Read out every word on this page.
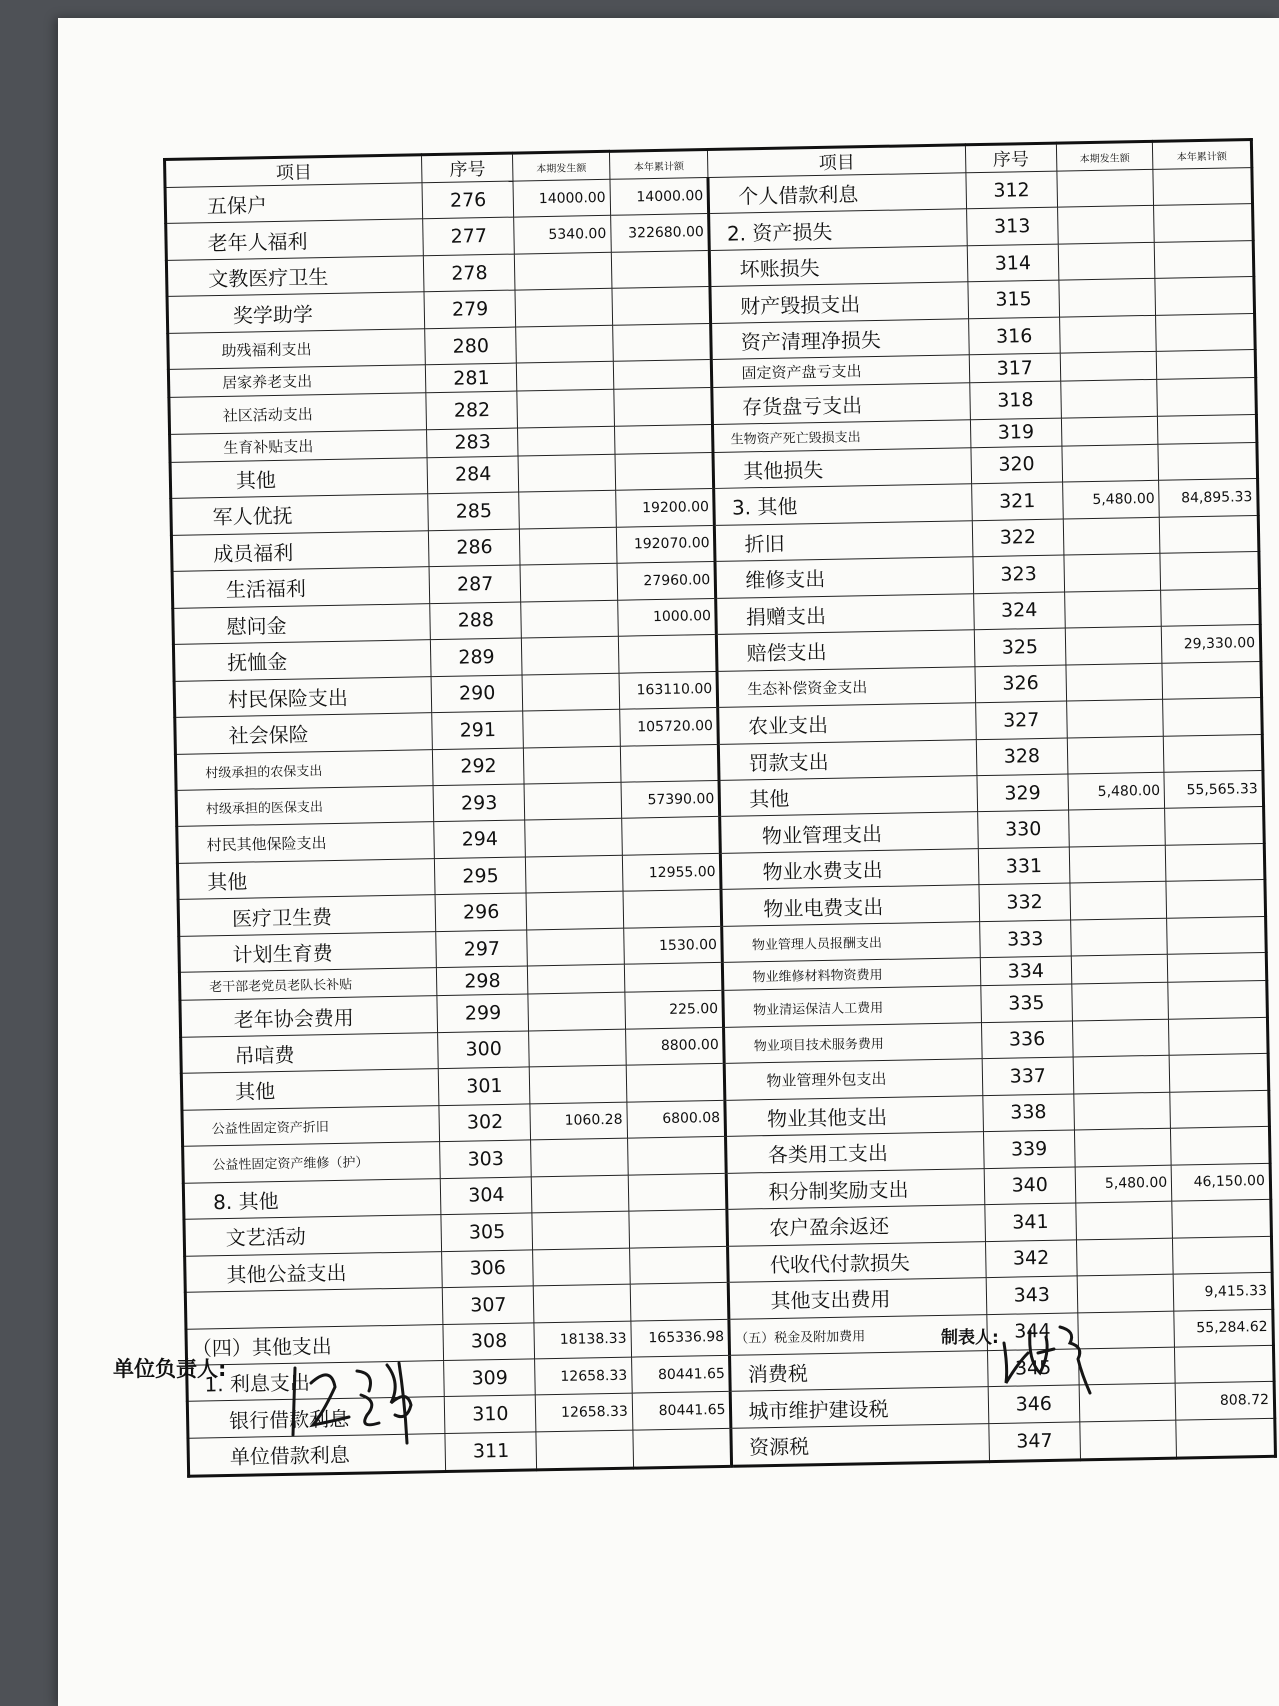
项目	序号	本期发生额	本年累计额	项目	序号	本期发生额	本年累计额
五保户	276	14000.00	14000.00	个人借款利息	312		
老年人福利	277	5340.00	322680.00	2. 资产损失	313		
文教医疗卫生	278			坏账损失	314		
奖学助学	279			财产毁损支出	315		
助残福利支出	280			资产清理净损失	316		
居家养老支出	281			固定资产盘亏支出	317		
社区活动支出	282			存货盘亏支出	318		
生育补贴支出	283			生物资产死亡毁损支出	319		
其他	284			其他损失	320		
军人优抚	285		19200.00	3. 其他	321	5,480.00	84,895.33
成员福利	286		192070.00	折旧	322		
生活福利	287		27960.00	维修支出	323		
慰问金	288		1000.00	捐赠支出	324		
抚恤金	289			赔偿支出	325		29,330.00
村民保险支出	290		163110.00	生态补偿资金支出	326		
社会保险	291		105720.00	农业支出	327		
村级承担的农保支出	292			罚款支出	328		
村级承担的医保支出	293		57390.00	其他	329	5,480.00	55,565.33
村民其他保险支出	294			物业管理支出	330		
其他	295		12955.00	物业水费支出	331		
医疗卫生费	296			物业电费支出	332		
计划生育费	297		1530.00	物业管理人员报酬支出	333		
老干部老党员老队长补贴	298			物业维修材料物资费用	334		
老年协会费用	299		225.00	物业清运保洁人工费用	335		
吊唁费	300		8800.00	物业项目技术服务费用	336		
其他	301			物业管理外包支出	337		
公益性固定资产折旧	302	1060.28	6800.08	物业其他支出	338		
公益性固定资产维修（护）	303			各类用工支出	339		
8. 其他	304			积分制奖励支出	340	5,480.00	46,150.00
文艺活动	305			农户盈余返还	341		
其他公益支出	306			代收代付款损失	342		
	307			其他支出费用	343		9,415.33
（四）其他支出	308	18138.33	165336.98	（五）税金及附加费用	344		55,284.62
1. 利息支出	309	12658.33	80441.65	消费税	345		
银行借款利息	310	12658.33	80441.65	城市维护建设税	346		808.72
单位借款利息	311			资源税	347		
单位负责人:
制表人:
